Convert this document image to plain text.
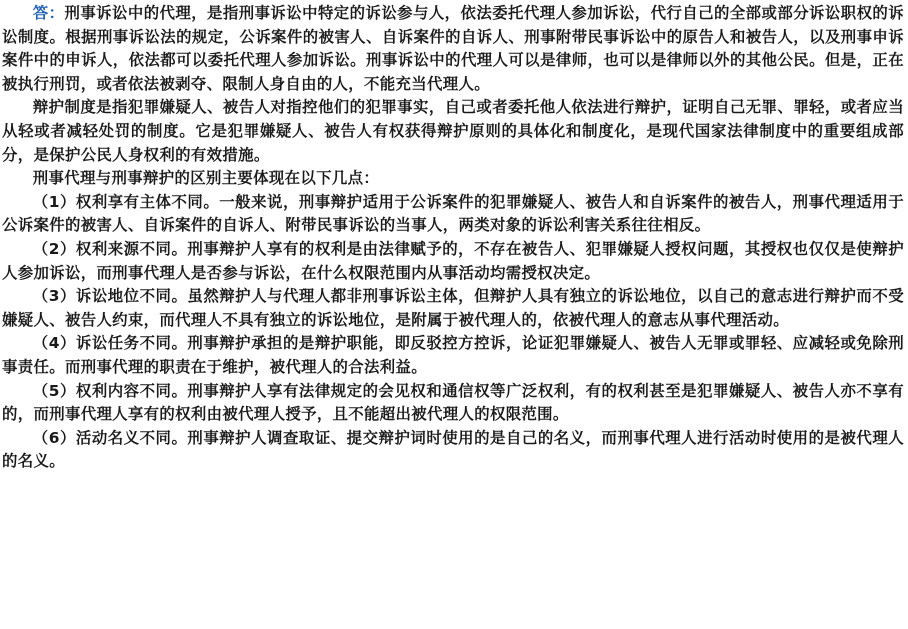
答：刑事诉讼中的代理，是指刑事诉讼中特定的诉讼参与人，依法委托代理人参加诉讼，代行自己的全部或部分诉讼职权的诉讼制度。根据刑事诉讼法的规定，公诉案件的被害人、自诉案件的自诉人、刑事附带民事诉讼中的原告人和被告人，以及刑事申诉案件中的申诉人，依法都可以委托代理人参加诉讼。刑事诉讼中的代理人可以是律师，也可以是律师以外的其他公民。但是，正在被执行刑罚，或者依法被剥夺、限制人身自由的人，不能充当代理人。

辩护制度是指犯罪嫌疑人、被告人对指控他们的犯罪事实，自己或者委托他人依法进行辩护，证明自己无罪、罪轻，或者应当从轻或者减轻处罚的制度。它是犯罪嫌疑人、被告人有权获得辩护原则的具体化和制度化，是现代国家法律制度中的重要组成部分，是保护公民人身权利的有效措施。

刑事代理与刑事辩护的区别主要体现在以下几点：

（1）权利享有主体不同。一般来说，刑事辩护适用于公诉案件的犯罪嫌疑人、被告人和自诉案件的被告人，刑事代理适用于公诉案件的被害人、自诉案件的自诉人、附带民事诉讼的当事人，两类对象的诉讼利害关系往往相反。

（2）权利来源不同。刑事辩护人享有的权利是由法律赋予的，不存在被告人、犯罪嫌疑人授权问题，其授权也仅仅是使辩护人参加诉讼，而刑事代理人是否参与诉讼，在什么权限范围内从事活动均需授权决定。

（3）诉讼地位不同。虽然辩护人与代理人都非刑事诉讼主体，但辩护人具有独立的诉讼地位，以自己的意志进行辩护而不受嫌疑人、被告人约束，而代理人不具有独立的诉讼地位，是附属于被代理人的，依被代理人的意志从事代理活动。

（4）诉讼任务不同。刑事辩护承担的是辩护职能，即反驳控方控诉，论证犯罪嫌疑人、被告人无罪或罪轻、应减轻或免除刑事责任。而刑事代理的职责在于维护，被代理人的合法利益。

（5）权利内容不同。刑事辩护人享有法律规定的会见权和通信权等广泛权利，有的权利甚至是犯罪嫌疑人、被告人亦不享有的，而刑事代理人享有的权利由被代理人授予，且不能超出被代理人的权限范围。

（6）活动名义不同。刑事辩护人调查取证、提交辩护词时使用的是自己的名义，而刑事代理人进行活动时使用的是被代理人的名义。
